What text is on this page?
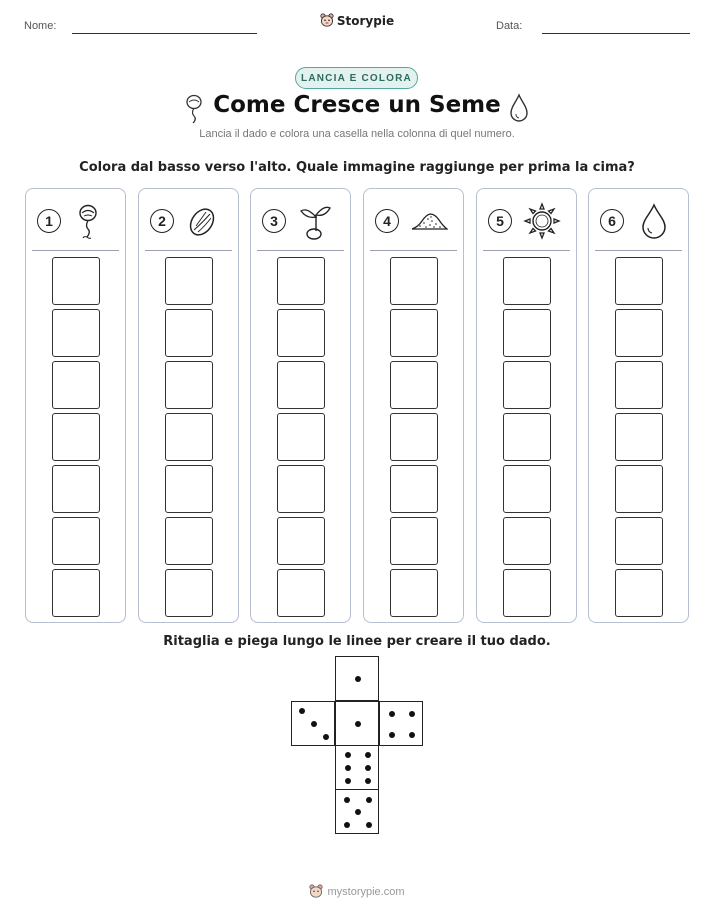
Nome:	Storypie	Data:
LANCIA E COLORA
Come Cresce un Seme
Lancia il dado e colora una casella nella colonna di quel numero.
Colora dal basso verso l'alto. Quale immagine raggiunge per prima la cima?
1	2	3	4	5	6
Ritaglia e piega lungo le linee per creare il tuo dado.
mystorypie.com
